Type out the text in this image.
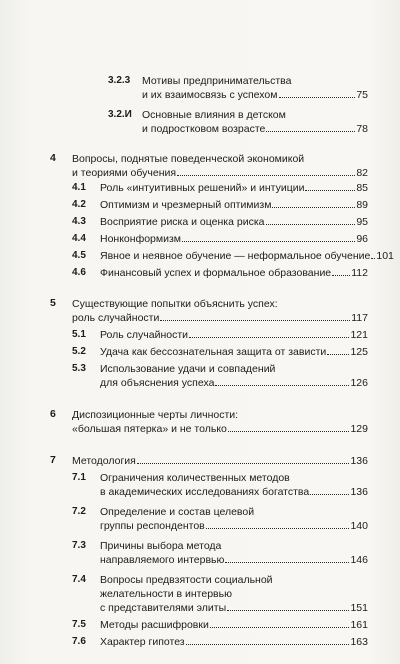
3.2.3	Мотивы предпринимательства
и их взаимосвязь с успехом	75
3.2.И Основные влияния в детском
и подростковом возрасте	78
4 Вопросы, поднятые поведенческой экономикой
и теориями обучения	82
4.1	Роль «интуитивных решений» и интуиции	85
4.2	Оптимизм и чрезмерный оптимизм	89
4.3	Восприятие риска и оценка риска	95
4.4	Нонконформизм	96
4.5	Явное и неявное обучение — неформальное обучение 101
4.6	Финансовый успех и формальное образование 112
5 Существующие попытки объяснить успех:
роль случайности	117
5.1	Роль случайности	121
5.2	Удача как бессознательная защита от зависти 125
5.3	Использование удачи и совпадений
для объяснения успеха	126
6 Диспозиционные черты личности:
«большая пятерка» и не только	129
7 Методология	136
7.1	Ограничения количественных методов
в академических исследованиях богатства	136
7.2	Определение и состав целевой
группы респондентов	140
7.3	Причины выбора метода
направляемого интервью	146
7.4	Вопросы предвзятости социальной
желательности в интервью
с представителями элиты	151
7.5	Методы расшифровки	161
7.6	Характер гипотез	163
